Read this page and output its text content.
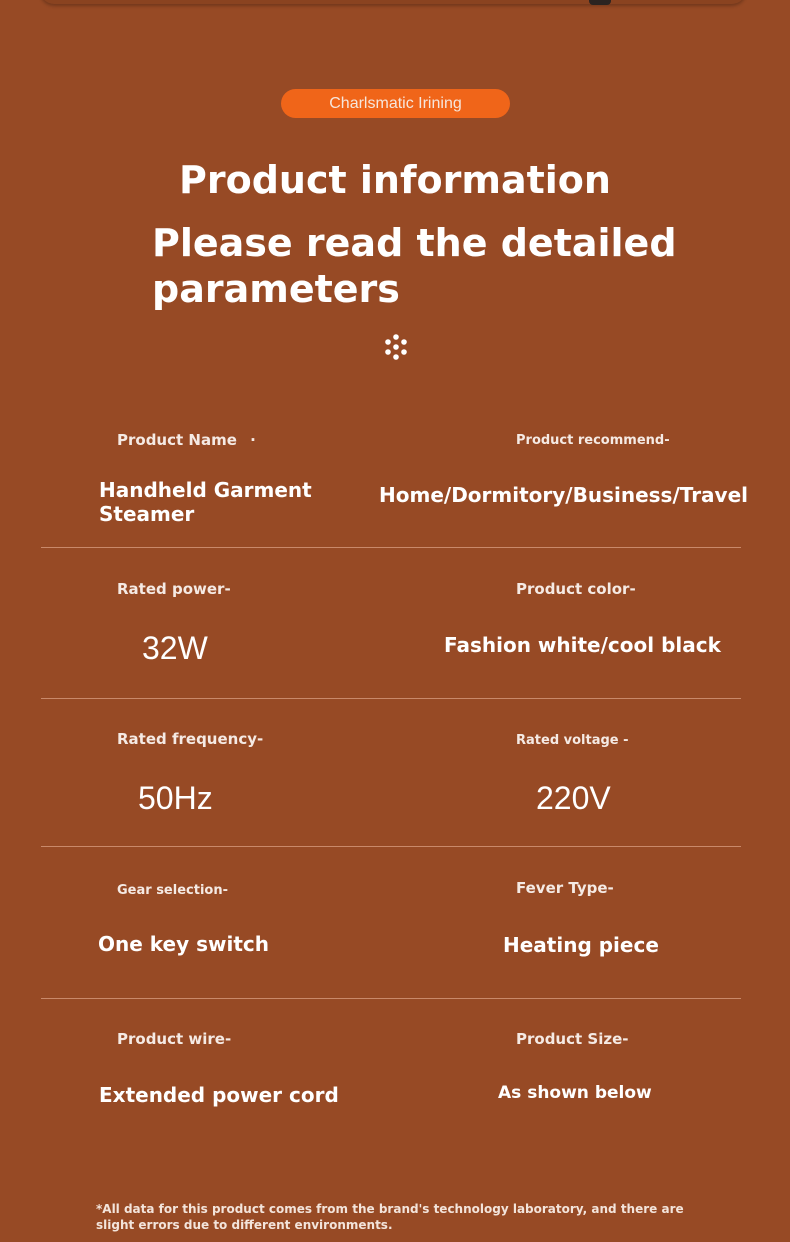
Charlsmatic Irining
Product information
Please read the detailed parameters
Product Name ·
Handheld Garment Steamer
Product recommend-
Home/Dormitory/Business/Travel
Rated power-
32W
Product color-
Fashion white/cool black
Rated frequency-
50Hz
Rated voltage -
220V
Gear selection-
One key switch
Fever Type-
Heating piece
Product wire-
Extended power cord
Product Size-
As shown below
*All data for this product comes from the brand's technology laboratory, and there are slight errors due to different environments.
